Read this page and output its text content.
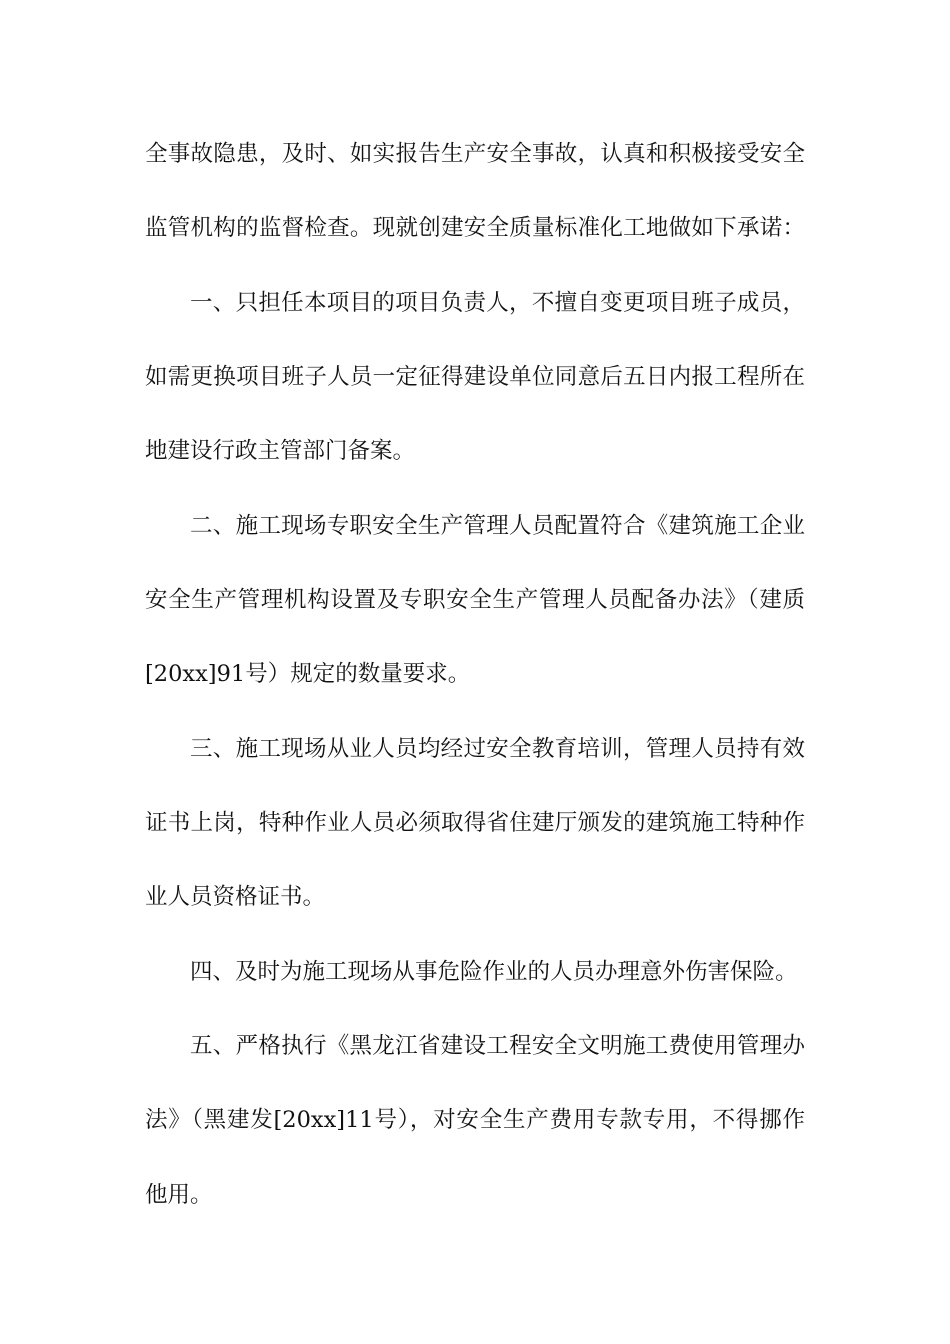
全事故隐患，及时、如实报告生产安全事故，认真和积极接受安全
监管机构的监督检查。现就创建安全质量标准化工地做如下承诺：
一、只担任本项目的项目负责人，不擅自变更项目班子成员，
如需更换项目班子人员一定征得建设单位同意后五日内报工程所在
地建设行政主管部门备案。
二、施工现场专职安全生产管理人员配置符合《建筑施工企业
安全生产管理机构设置及专职安全生产管理人员配备办法》（建质
[20xx]91号）规定的数量要求。
三、施工现场从业人员均经过安全教育培训，管理人员持有效
证书上岗，特种作业人员必须取得省住建厅颁发的建筑施工特种作
业人员资格证书。
四、及时为施工现场从事危险作业的人员办理意外伤害保险。
五、严格执行《黑龙江省建设工程安全文明施工费使用管理办
法》（黑建发[20xx]11号），对安全生产费用专款专用，不得挪作
他用。
